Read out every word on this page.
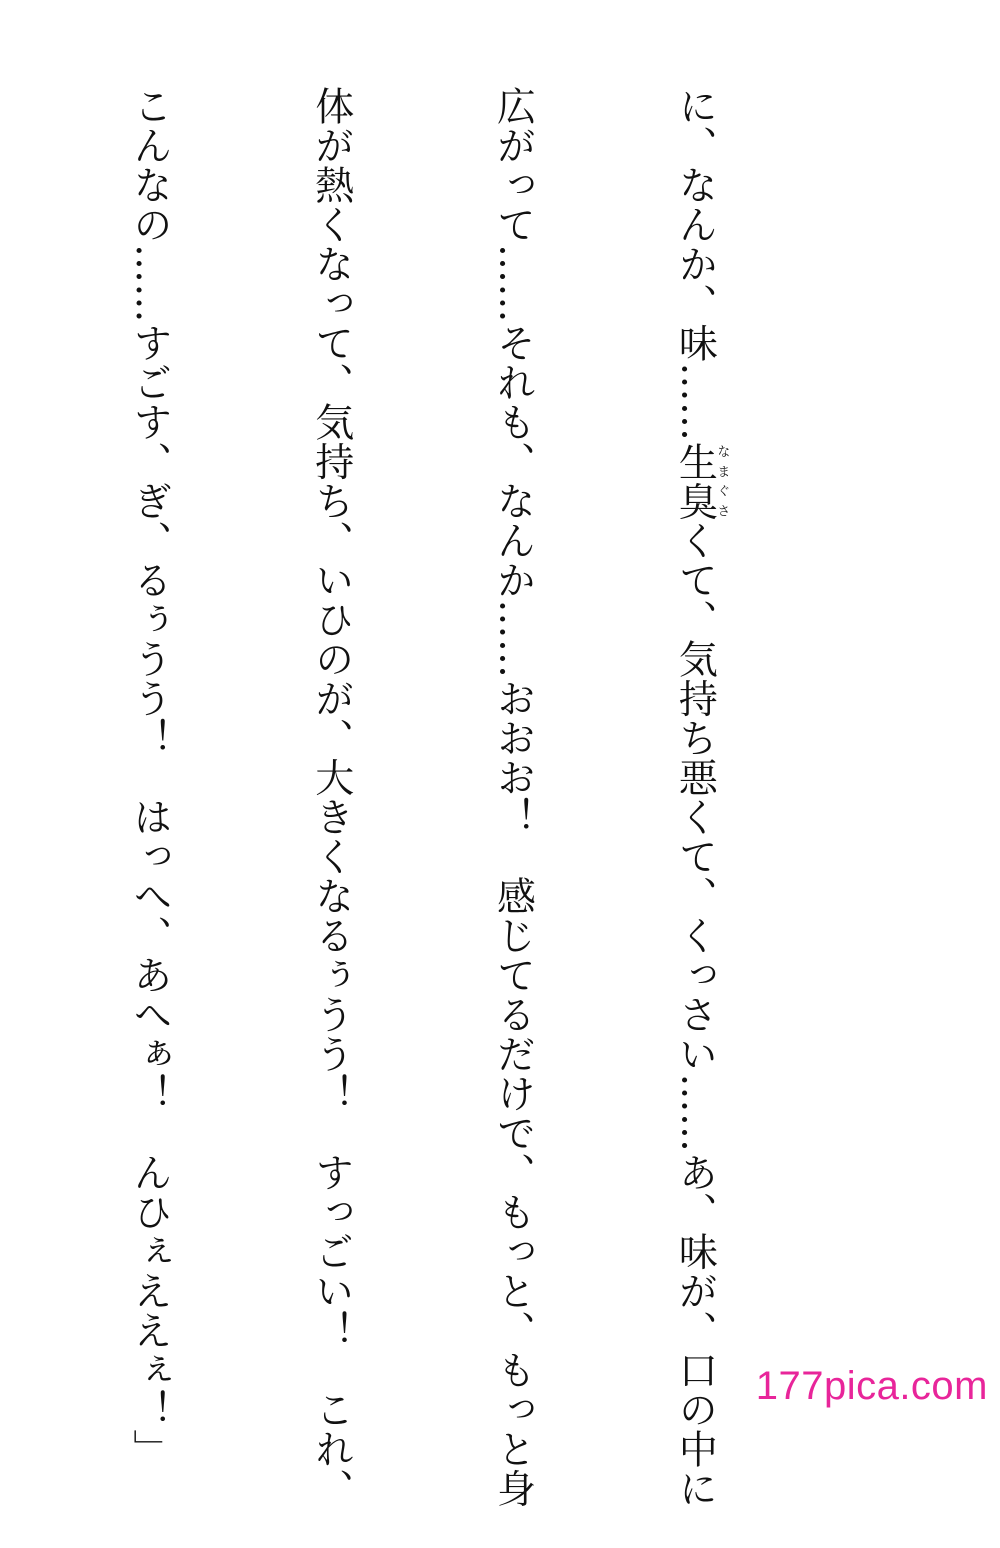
に、なんか、味……生臭なまぐさくて、気持ち悪くて、くっさい……あ、味が、口の中に

広がって……それも、なんか……おおお！　感じてるだけで、もっと、もっと身

体が熱くなって、気持ち、いひのが、大きくなるぅうう！　すっごい！　これ、

こんなの……すごす、ぎ、るぅうう！　はっへ、あへぁ！　んひぇええぇ！」

	177pica.com
